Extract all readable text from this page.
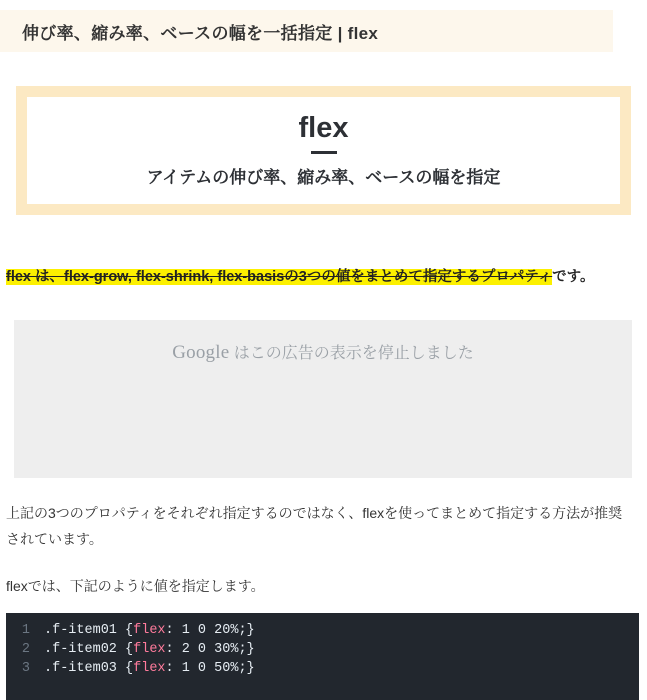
伸び率、縮み率、ベースの幅を一括指定 | flex
flex
アイテムの伸び率、縮み率、ベースの幅を指定

flex は、flex-grow, flex-shrink, flex-basisの3つの値をまとめて指定するプロパティです。

Google はこの広告の表示を停止しました

上記の3つのプロパティをそれぞれ指定するのではなく、flexを使ってまとめて指定する方法が推奨されています。

flexでは、下記のように値を指定します。

1	.f-item01 { flex : 1 0 20%;}
2	.f-item02 { flex : 2 0 30%;}
3	.f-item03 { flex : 1 0 50%;}
